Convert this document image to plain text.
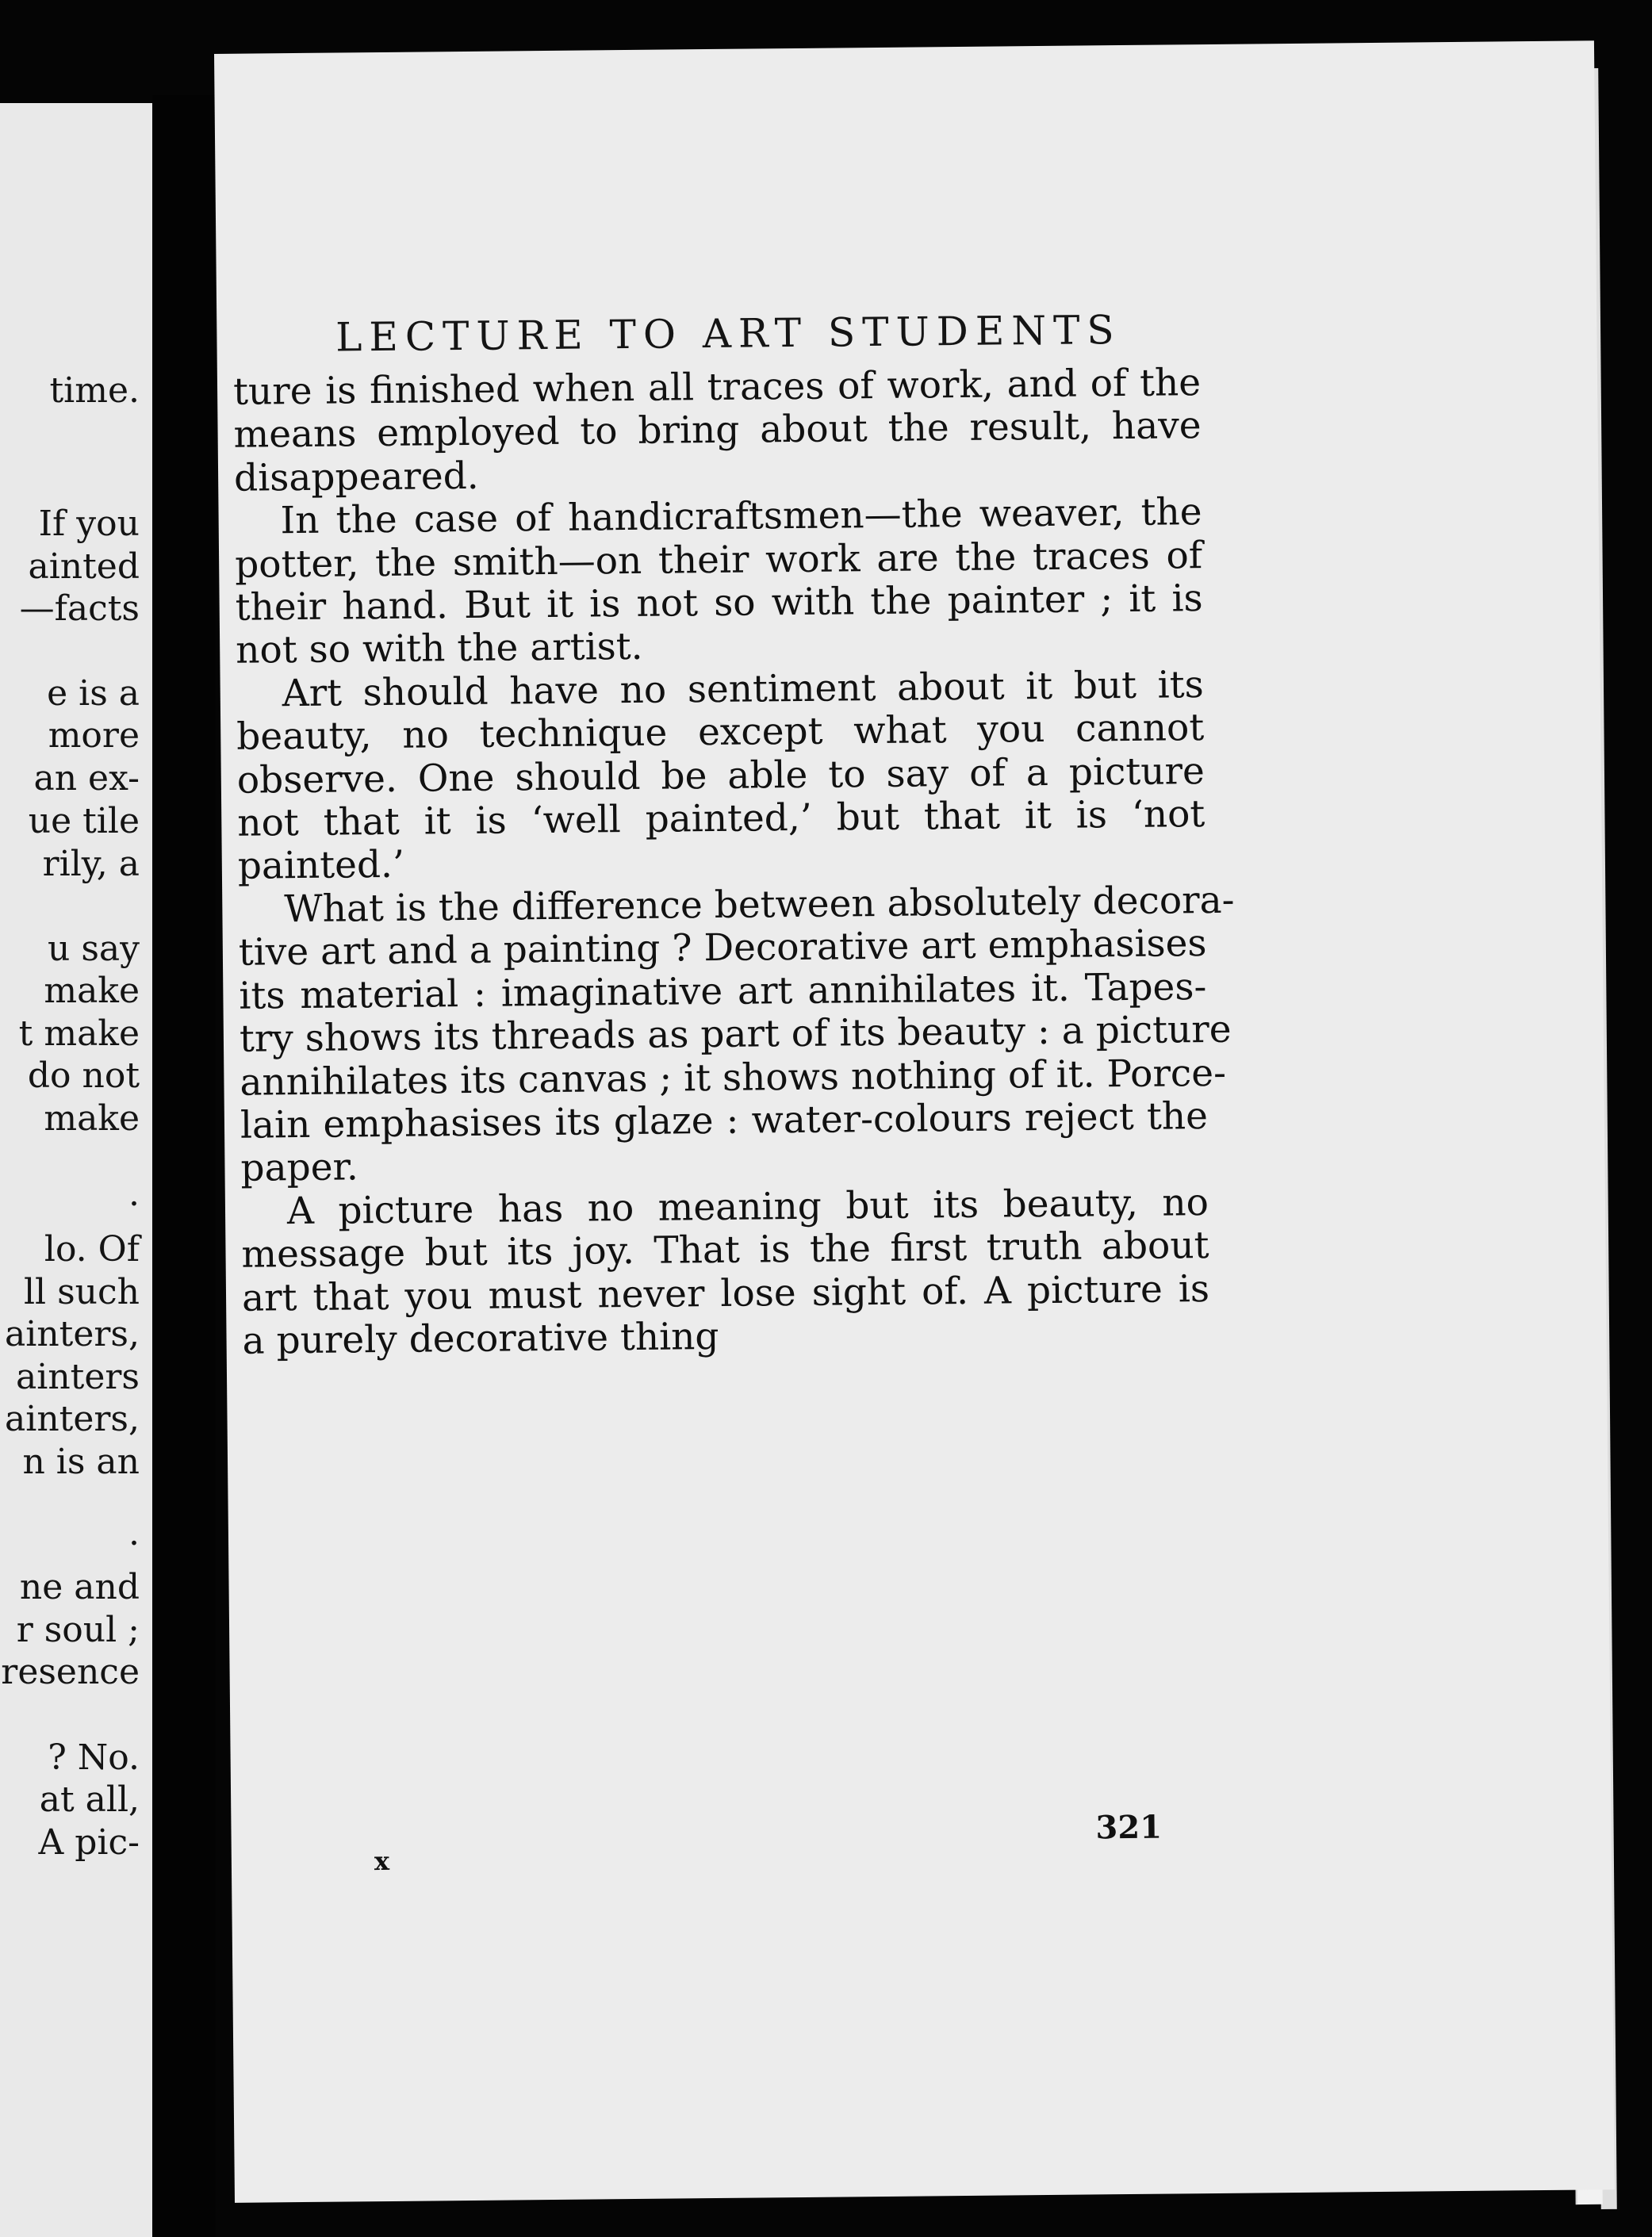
time.
If you
ainted
—facts
e is a
more
an ex-
ue tile
rily, a
u say
make
t make
do not
make
.
lo. Of
ll such
ainters,
ainters
ainters,
n is an
.
ne and
r soul ;
resence
? No.
at all,
A pic-
LECTURE TO ART STUDENTS

ture is finished when all traces of work, and of the
means employed to bring about the result, have
disappeared.

In the case of handicraftsmen—the weaver, the
potter, the smith—on their work are the traces of
their hand. But it is not so with the painter ; it is
not so with the artist.

Art should have no sentiment about it but its
beauty, no technique except what you cannot
observe. One should be able to say of a picture
not that it is ‘well painted,’ but that it is ‘not
painted.’

What is the difference between absolutely decora-
tive art and a painting ? Decorative art emphasises
its material : imaginative art annihilates it. Tapes-
try shows its threads as part of its beauty : a picture
annihilates its canvas ; it shows nothing of it. Porce-
lain emphasises its glaze : water-colours reject the
paper.

A picture has no meaning but its beauty, no
message but its joy. That is the first truth about
art that you must never lose sight of. A picture is
a purely decorative thing

321
x
